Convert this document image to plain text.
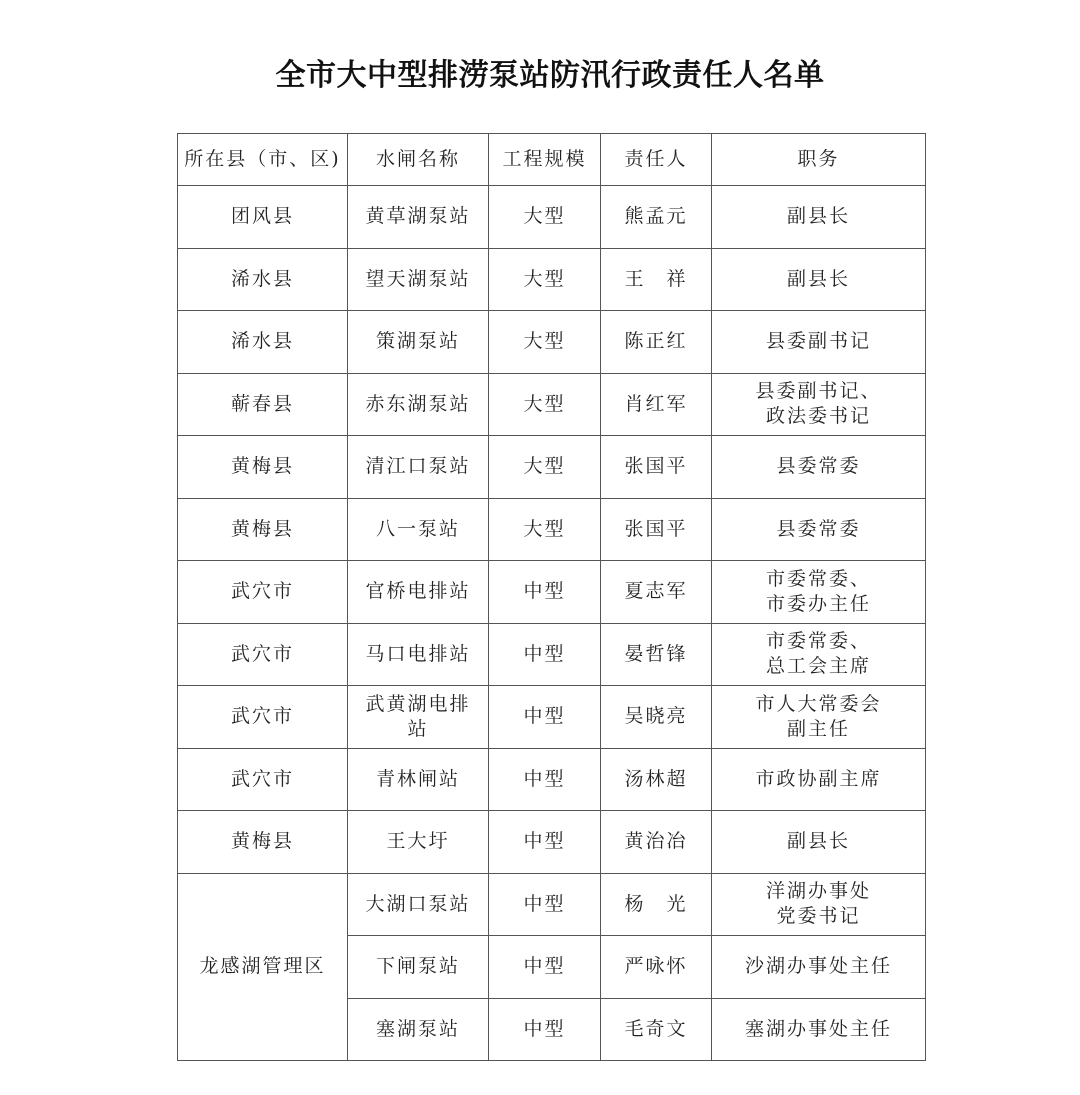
全市大中型排涝泵站防汛行政责任人名单
所在县（市、区)	水闸名称	工程规模	责任人	职务
团风县	黄草湖泵站	大型	熊孟元	副县长

浠水县	望天湖泵站	大型	王　祥	副县长

浠水县	策湖泵站	大型	陈正红	县委副书记

蕲春县	赤东湖泵站	大型	肖红军	县委副书记、
政法委书记

黄梅县	清江口泵站	大型	张国平	县委常委

黄梅县	八一泵站	大型	张国平	县委常委

武穴市	官桥电排站	中型	夏志军	市委常委、
市委办主任

武穴市	马口电排站	中型	晏哲锋	市委常委、
总工会主席

武穴市	武黄湖电排
站	中型	吴晓亮	市人大常委会
副主任

武穴市	青林闸站	中型	汤林超	市政协副主席

黄梅县	王大圩	中型	黄治冶	副县长

龙感湖管理区	大湖口泵站	中型	杨　光	洋湖办事处
党委书记

	下闸泵站	中型	严咏怀	沙湖办事处主任

	塞湖泵站	中型	毛奇文	塞湖办事处主任
